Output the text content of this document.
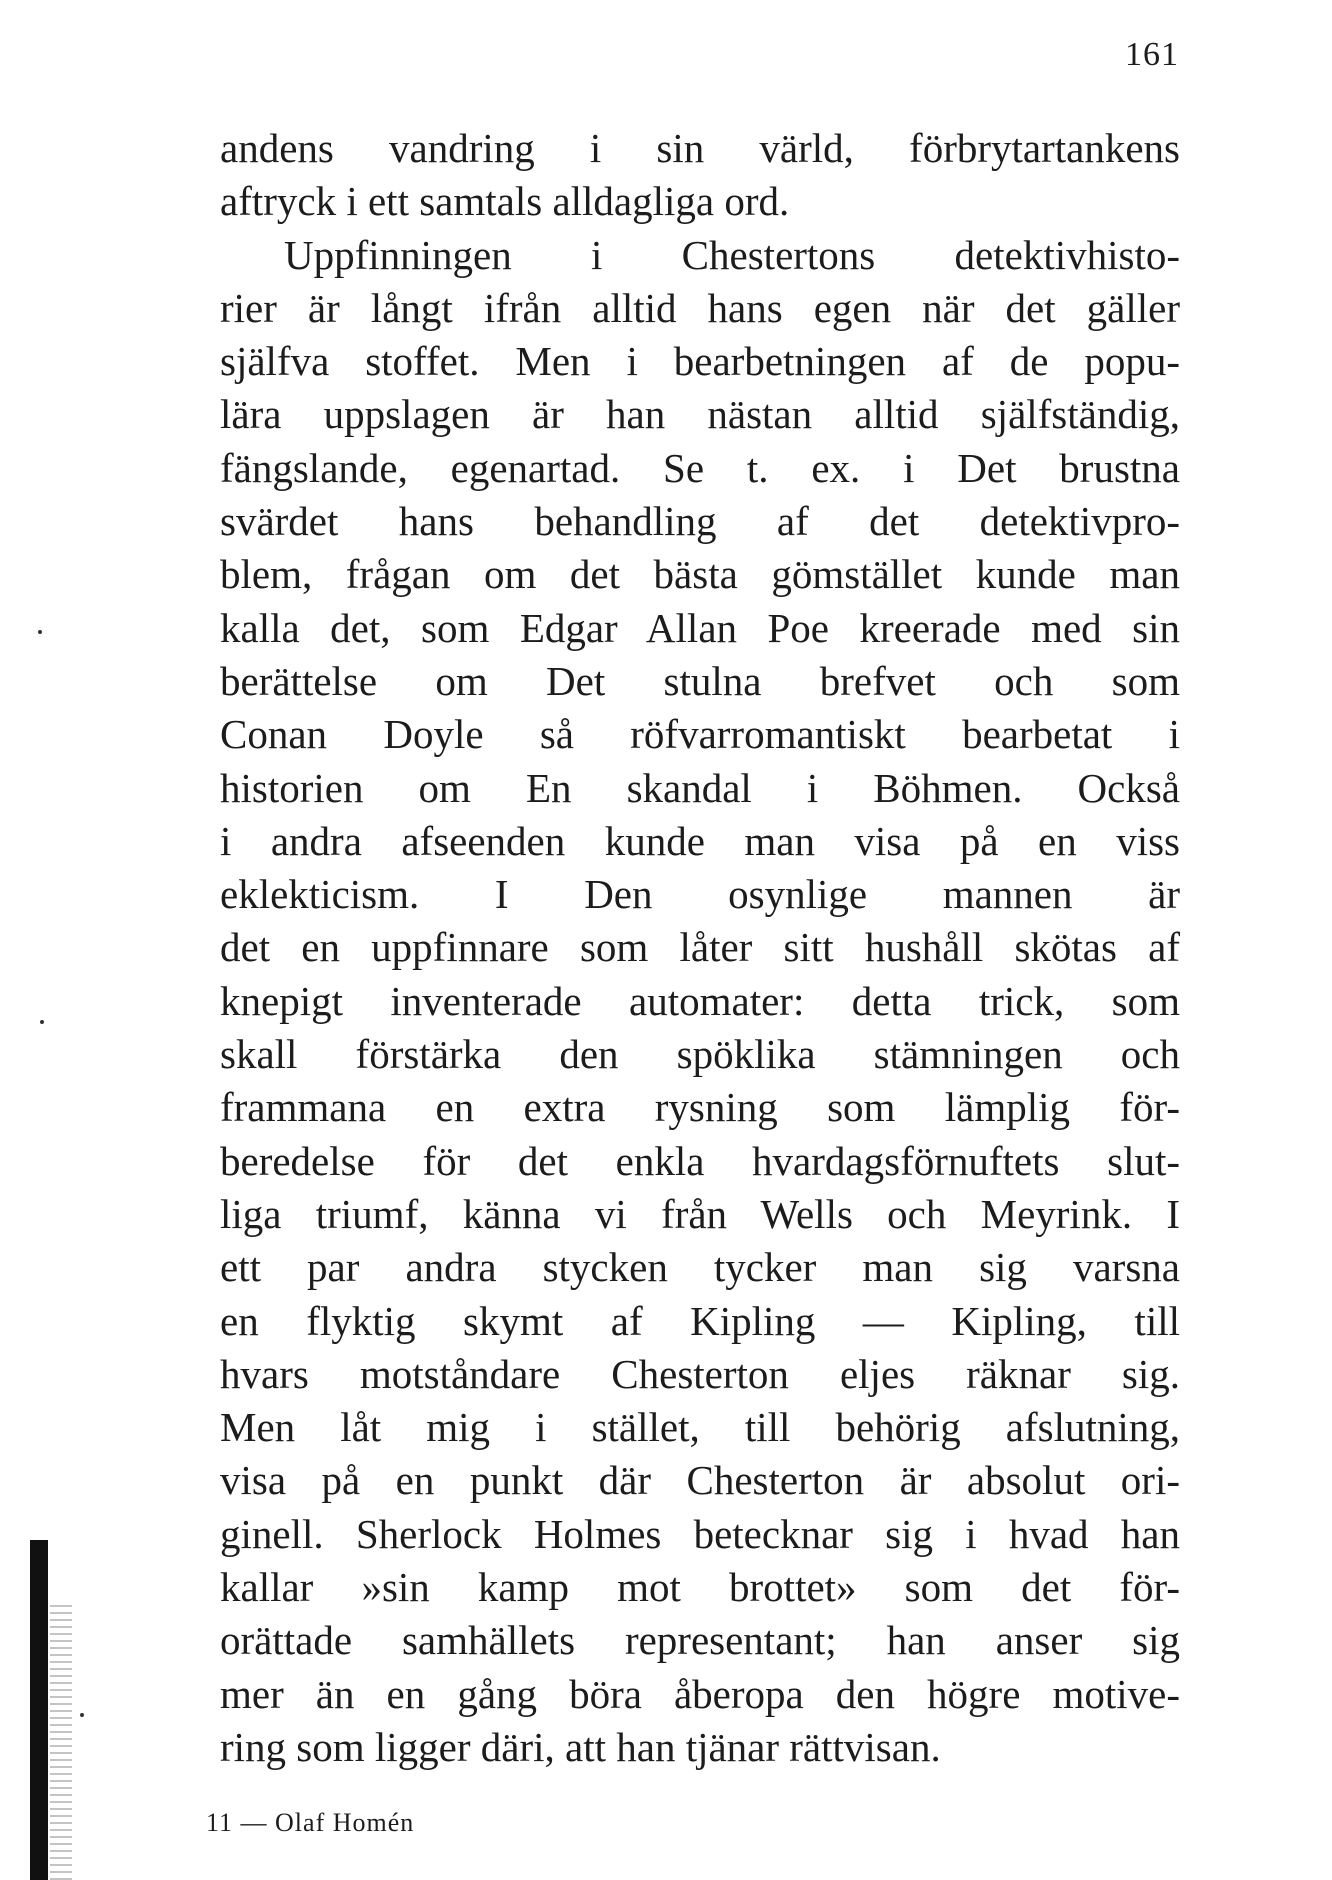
161
andens vandring i sin värld, förbrytartankens
aftryck i ett samtals alldagliga ord.
Uppfinningen i Chestertons detektivhisto-
rier är långt ifrån alltid hans egen när det gäller
själfva stoffet. Men i bearbetningen af de popu-
lära uppslagen är han nästan alltid själfständig,
fängslande, egenartad. Se t. ex. i Det brustna
svärdet hans behandling af det detektivpro-
blem, frågan om det bästa gömstället kunde man
kalla det, som Edgar Allan Poe kreerade med sin
berättelse om Det stulna brefvet och som
Conan Doyle så röfvarromantiskt bearbetat i
historien om En skandal i Böhmen. Också
i andra afseenden kunde man visa på en viss
eklekticism. I Den osynlige mannen är
det en uppfinnare som låter sitt hushåll skötas af
knepigt inventerade automater: detta trick, som
skall förstärka den spöklika stämningen och
frammana en extra rysning som lämplig för-
beredelse för det enkla hvardagsförnuftets slut-
liga triumf, känna vi från Wells och Meyrink. I
ett par andra stycken tycker man sig varsna
en flyktig skymt af Kipling — Kipling, till
hvars motståndare Chesterton eljes räknar sig.
Men låt mig i stället, till behörig afslutning,
visa på en punkt där Chesterton är absolut ori-
ginell. Sherlock Holmes betecknar sig i hvad han
kallar »sin kamp mot brottet» som det för-
orättade samhällets representant; han anser sig
mer än en gång böra åberopa den högre motive-
ring som ligger däri, att han tjänar rättvisan.
11 — Olaf Homén
